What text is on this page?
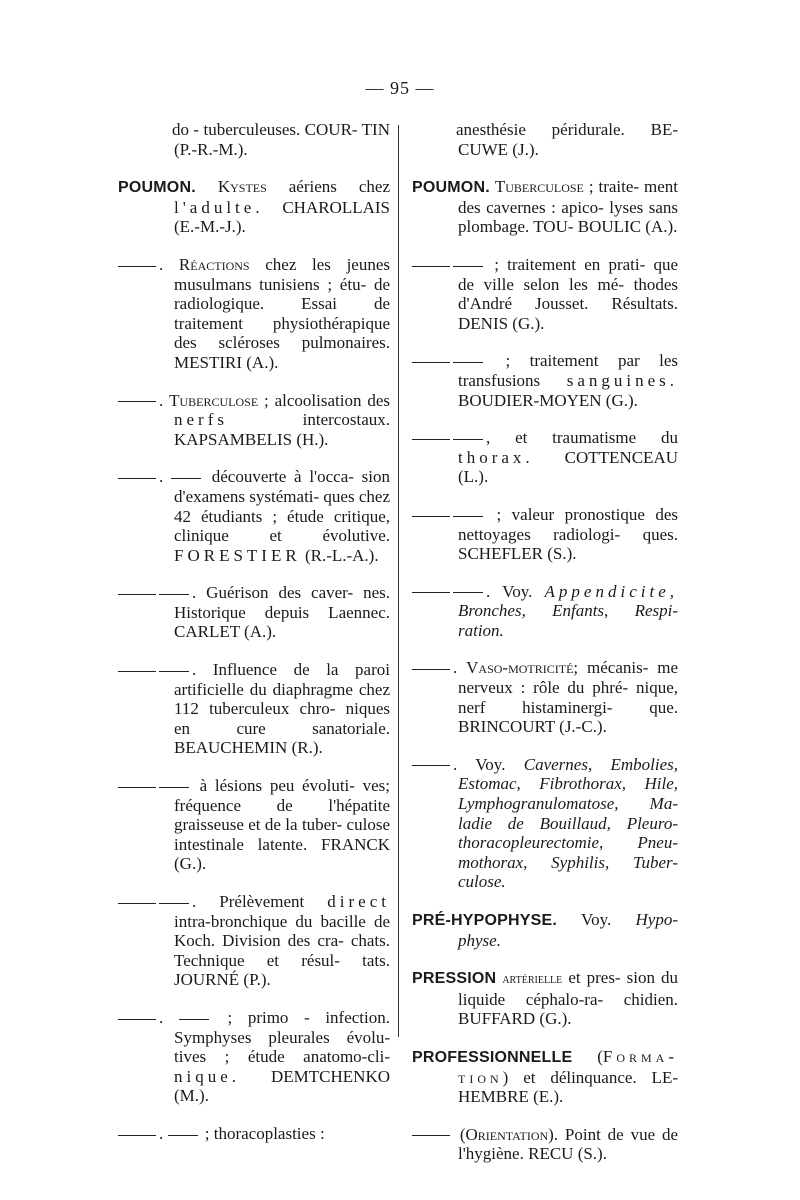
— 95 —
do - tuberculeuses. COUR- TIN (P.-R.-M.).
POUMON. Kystes aériens chez l'adulte. CHAROLLAIS (E.-M.-J.).
. Réactions chez les jeunes musulmans tunisiens ; étu- de radiologique. Essai de traitement physiothérapique des scléroses pulmonaires. MESTIRI (A.).
. Tuberculose ; alcoolisation des nerfs intercostaux. KAPSAMBELIS (H.).
.  découverte à l'occa- sion d'examens systémati- ques chez 42 étudiants ; étude critique, clinique et évolutive. FORESTIER (R.-L.-A.).
. Guérison des caver- nes. Historique depuis Laennec. CARLET (A.).
. Influence de la paroi artificielle du diaphragme chez 112 tuberculeux chro- niques en cure sanatoriale. BEAUCHEMIN (R.).
à lésions peu évoluti- ves; fréquence de l'hépatite graisseuse et de la tuber- culose intestinale latente. FRANCK (G.).
. Prélèvement direct intra-bronchique du bacille de Koch. Division des cra- chats. Technique et résul- tats. JOURNÉ (P.).
.  ; primo - infection. Symphyses pleurales évolu- tives ; étude anatomo-cli- nique. DEMTCHENKO (M.).
.  ; thoracoplasties :
anesthésie péridurale. BE- CUWE (J.).
POUMON. Tuberculose ; traite- ment des cavernes : apico- lyses sans plombage. TOU- BOULIC (A.).
; traitement en prati- que de ville selon les mé- thodes d'André Jousset. Résultats. DENIS (G.).
; traitement par les transfusions sanguines. BOUDIER-MOYEN (G.).
, et traumatisme du thorax. COTTENCEAU (L.).
; valeur pronostique des nettoyages radiologi- ques. SCHEFLER (S.).
. Voy. Appendicite, Bronches, Enfants, Respi- ration.
. Vaso-motricité; mécanis- me nerveux : rôle du phré- nique, nerf histaminergi- que. BRINCOURT (J.-C.).
. Voy. Cavernes, Embolies, Estomac, Fibrothorax, Hile, Lymphogranulomatose, Ma- ladie de Bouillaud, Pleuro- thoracopleurectomie, Pneu- mothorax, Syphilis, Tuber- culose.
PRÉ-HYPOPHYSE. Voy. Hypo- physe.
PRESSION artérielle et pres- sion du liquide céphalo-ra- chidien. BUFFARD (G.).
PROFESSIONNELLE (Forma- tion) et délinquance. LE- HEMBRE (E.).
(Orientation). Point de vue de l'hygiène. RECU (S.).
